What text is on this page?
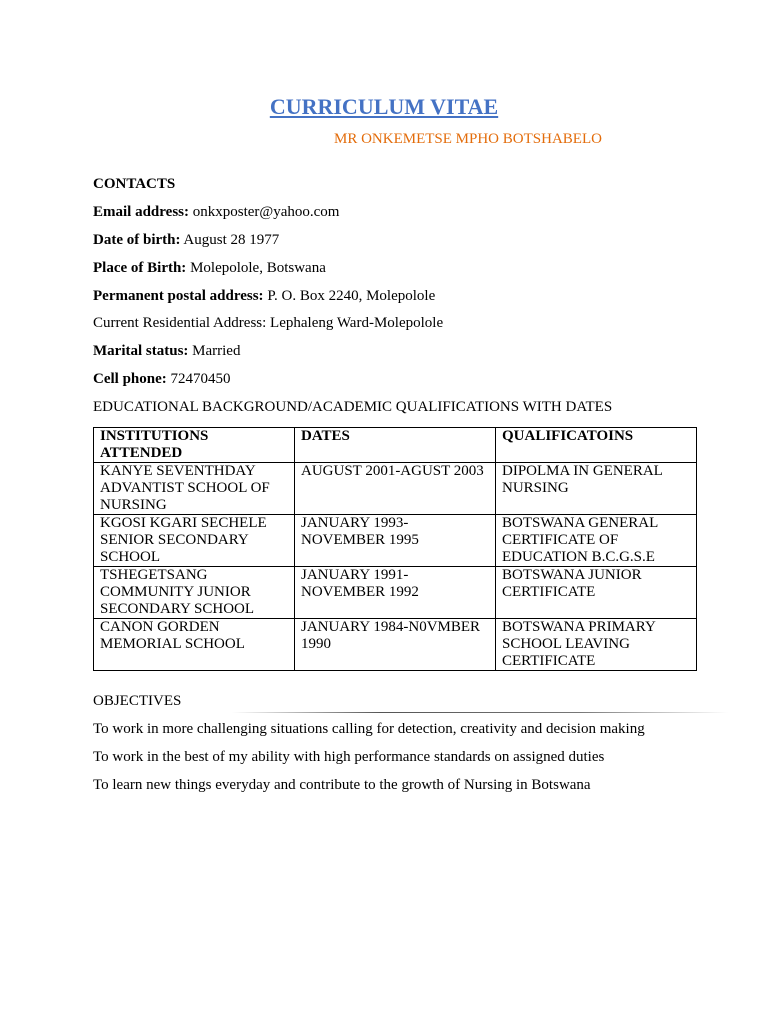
CURRICULUM VITAE
MR ONKEMETSE MPHO BOTSHABELO
CONTACTS
Email address: onkxposter@yahoo.com
Date of birth: August 28 1977
Place of Birth: Molepolole, Botswana
Permanent postal address: P. O. Box 2240, Molepolole
Current Residential Address: Lephaleng Ward-Molepolole
Marital status: Married
Cell phone: 72470450
EDUCATIONAL BACKGROUND/ACADEMIC QUALIFICATIONS WITH DATES
INSTITUTIONS ATTENDED	DATES	QUALIFICATOINS
KANYE SEVENTHDAY ADVANTIST SCHOOL OF NURSING	AUGUST 2001-AGUST 2003	DIPOLMA IN GENERAL NURSING
KGOSI KGARI SECHELE SENIOR SECONDARY SCHOOL	JANUARY 1993-NOVEMBER 1995	BOTSWANA GENERAL CERTIFICATE OF EDUCATION B.C.G.S.E
TSHEGETSANG COMMUNITY JUNIOR SECONDARY SCHOOL	JANUARY 1991-NOVEMBER 1992	BOTSWANA JUNIOR CERTIFICATE
CANON GORDEN MEMORIAL SCHOOL	JANUARY 1984-N0VMBER 1990	BOTSWANA PRIMARY SCHOOL LEAVING CERTIFICATE
OBJECTIVES
To work in more challenging situations calling for detection, creativity and decision making
To work in the best of my ability with high performance standards on assigned duties
To learn new things everyday and contribute to the growth of Nursing in Botswana
